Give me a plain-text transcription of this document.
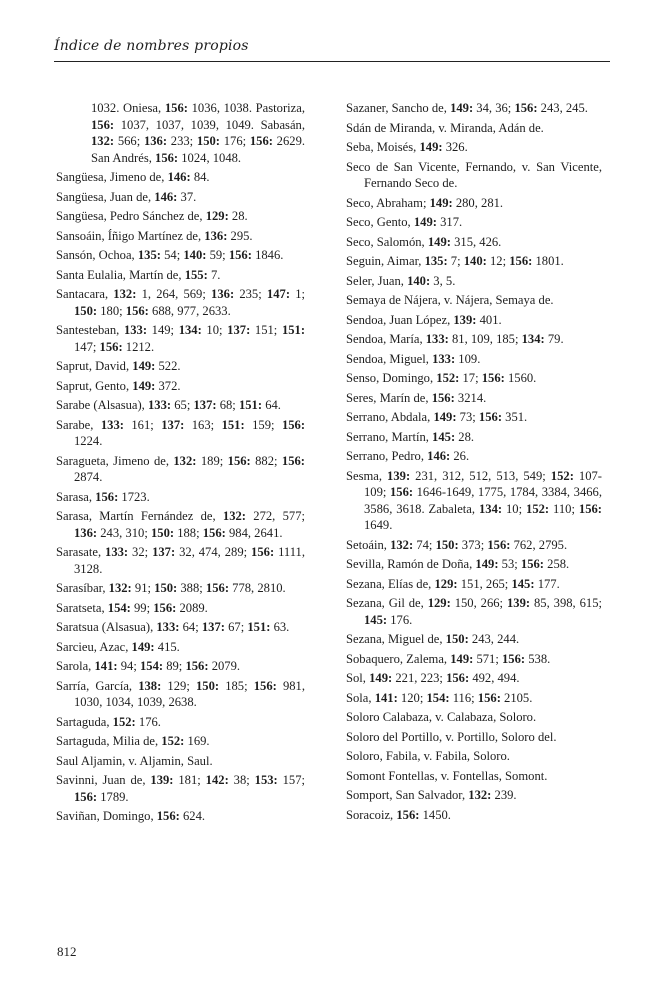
Índice de nombres propios

1032. Oniesa, 156: 1036, 1038. Pastoriza, 156: 1037, 1037, 1039, 1049. Sabasán, 132: 566; 136: 233; 150: 176; 156: 2629. San Andrés, 156: 1024, 1048.

Sangüesa, Jimeno de, 146: 84.

Sangüesa, Juan de, 146: 37.

Sangüesa, Pedro Sánchez de, 129: 28.

Sansoáin, Íñigo Martínez de, 136: 295.

Sansón, Ochoa, 135: 54; 140: 59; 156: 1846.

Santa Eulalia, Martín de, 155: 7.

Santacara, 132: 1, 264, 569; 136: 235; 147: 1; 150: 180; 156: 688, 977, 2633.

Santesteban, 133: 149; 134: 10; 137: 151; 151: 147; 156: 1212.

Saprut, David, 149: 522.

Saprut, Gento, 149: 372.

Sarabe (Alsasua), 133: 65; 137: 68; 151: 64.

Sarabe, 133: 161; 137: 163; 151: 159; 156: 1224.

Saragueta, Jimeno de, 132: 189; 156: 882; 156: 2874.

Sarasa, 156: 1723.

Sarasa, Martín Fernández de, 132: 272, 577; 136: 243, 310; 150: 188; 156: 984, 2641.

Sarasate, 133: 32; 137: 32, 474, 289; 156: 1111, 3128.

Sarasíbar, 132: 91; 150: 388; 156: 778, 2810.

Saratseta, 154: 99; 156: 2089.

Saratsua (Alsasua), 133: 64; 137: 67; 151: 63.

Sarcieu, Azac, 149: 415.

Sarola, 141: 94; 154: 89; 156: 2079.

Sarría, García, 138: 129; 150: 185; 156: 981, 1030, 1034, 1039, 2638.

Sartaguda, 152: 176.

Sartaguda, Milia de, 152: 169.

Saul Aljamin, v. Aljamin, Saul.

Savinni, Juan de, 139: 181; 142: 38; 153: 157; 156: 1789.

Saviñan, Domingo, 156: 624.

Sazaner, Sancho de, 149: 34, 36; 156: 243, 245.

Sdán de Miranda, v. Miranda, Adán de.

Seba, Moisés, 149: 326.

Seco de San Vicente, Fernando, v. San Vicente, Fernando Seco de.

Seco, Abraham; 149: 280, 281.

Seco, Gento, 149: 317.

Seco, Salomón, 149: 315, 426.

Seguin, Aimar, 135: 7; 140: 12; 156: 1801.

Seler, Juan, 140: 3, 5.

Semaya de Nájera, v. Nájera, Semaya de.

Sendoa, Juan López, 139: 401.

Sendoa, María, 133: 81, 109, 185; 134: 79.

Sendoa, Miguel, 133: 109.

Senso, Domingo, 152: 17; 156: 1560.

Seres, Marín de, 156: 3214.

Serrano, Abdala, 149: 73; 156: 351.

Serrano, Martín, 145: 28.

Serrano, Pedro, 146: 26.

Sesma, 139: 231, 312, 512, 513, 549; 152: 107-109; 156: 1646-1649, 1775, 1784, 3384, 3466, 3586, 3618. Zabaleta, 134: 10; 152: 110; 156: 1649.

Setoáin, 132: 74; 150: 373; 156: 762, 2795.

Sevilla, Ramón de Doña, 149: 53; 156: 258.

Sezana, Elías de, 129: 151, 265; 145: 177.

Sezana, Gil de, 129: 150, 266; 139: 85, 398, 615; 145: 176.

Sezana, Miguel de, 150: 243, 244.

Sobaquero, Zalema, 149: 571; 156: 538.

Sol, 149: 221, 223; 156: 492, 494.

Sola, 141: 120; 154: 116; 156: 2105.

Soloro Calabaza, v. Calabaza, Soloro.

Soloro del Portillo, v. Portillo, Soloro del.

Soloro, Fabila, v. Fabila, Soloro.

Somont Fontellas, v. Fontellas, Somont.

Somport, San Salvador, 132: 239.

Soracoiz, 156: 1450.

812
